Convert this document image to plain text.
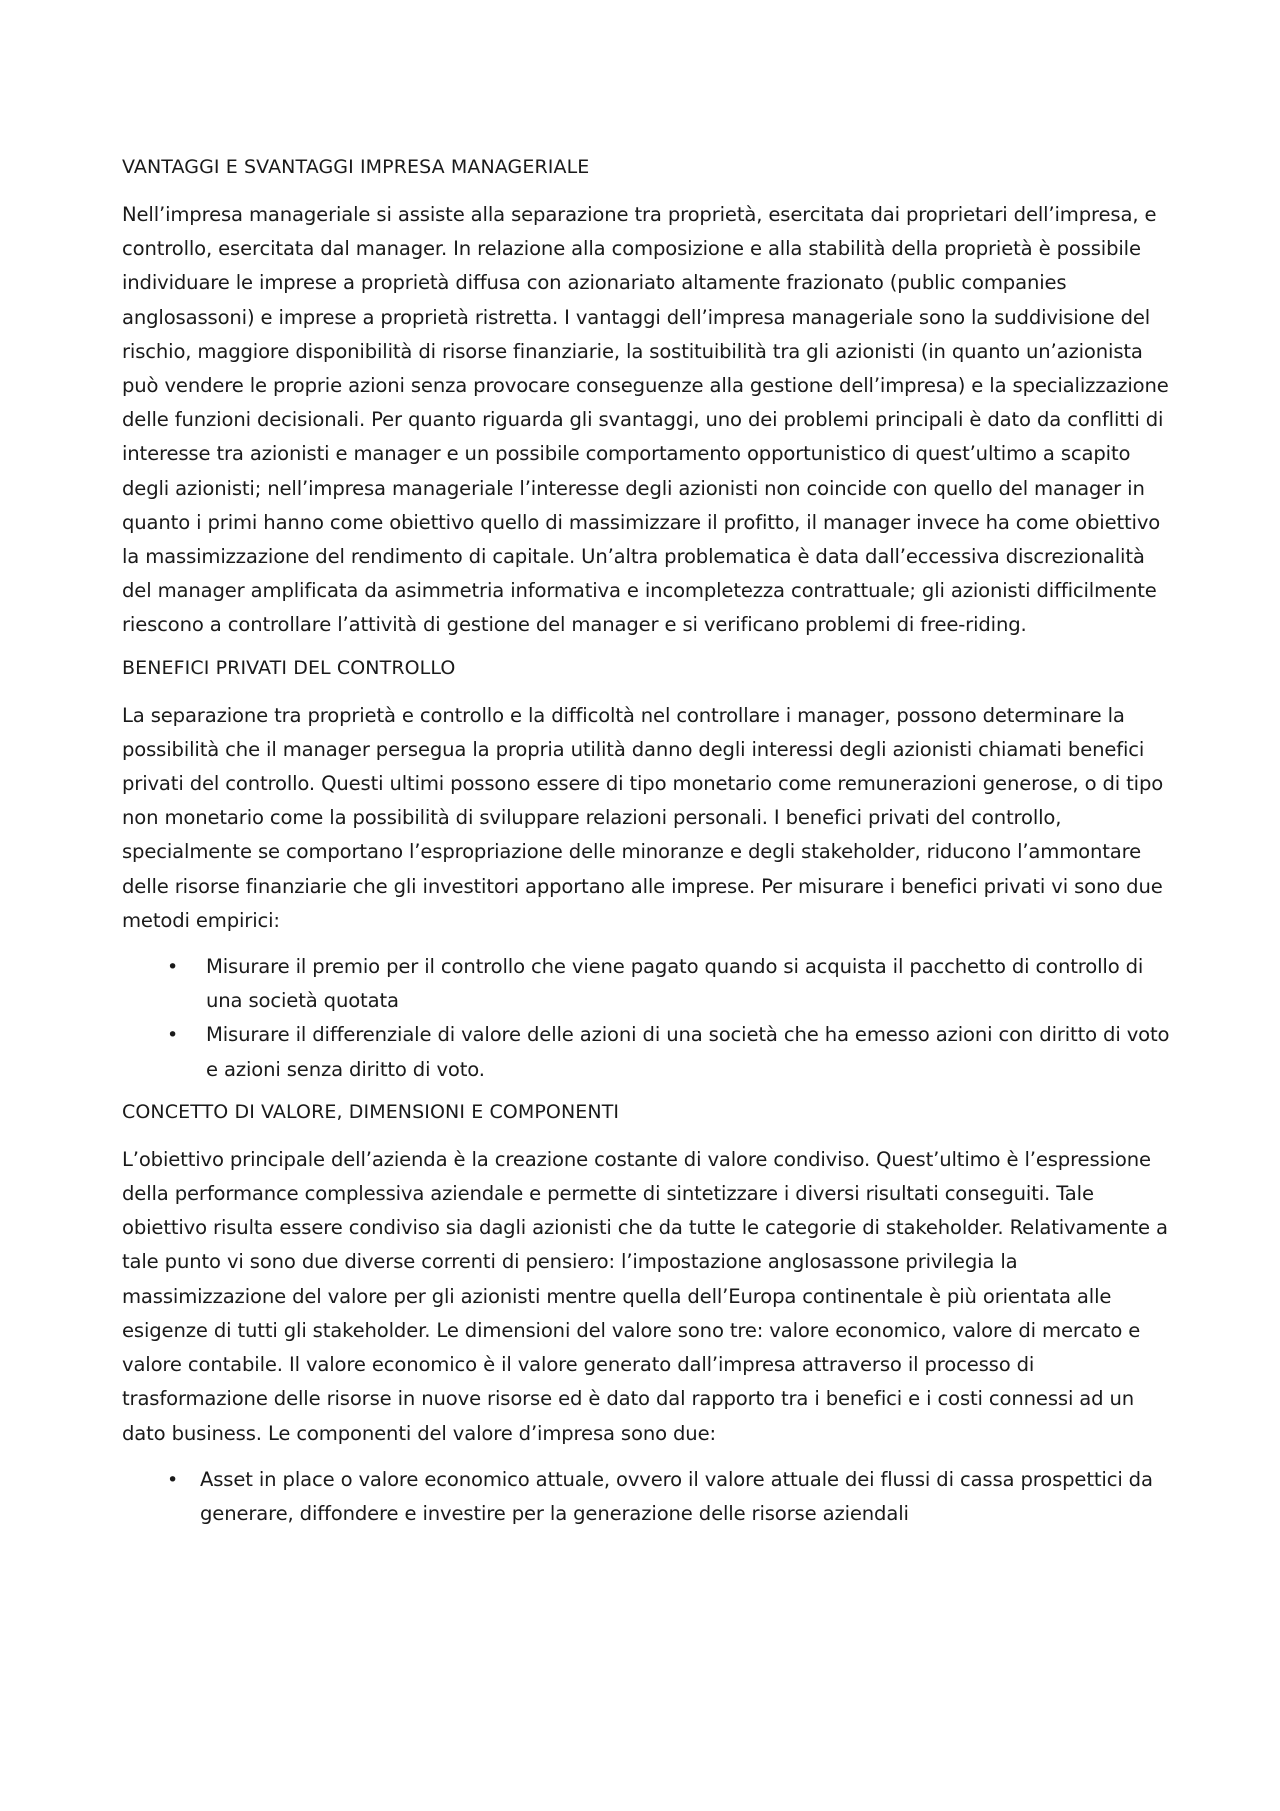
VANTAGGI E SVANTAGGI IMPRESA MANAGERIALE

Nell’impresa manageriale si assiste alla separazione tra proprietà, esercitata dai proprietari dell’impresa, e controllo, esercitata dal manager. In relazione alla composizione e alla stabilità della proprietà è possibile individuare le imprese a proprietà diffusa con azionariato altamente frazionato (public companies anglosassoni) e imprese a proprietà ristretta. I vantaggi dell’impresa manageriale sono la suddivisione del rischio, maggiore disponibilità di risorse finanziarie, la sostituibilità tra gli azionisti (in quanto un’azionista può vendere le proprie azioni senza provocare conseguenze alla gestione dell’impresa) e la specializzazione delle funzioni decisionali. Per quanto riguarda gli svantaggi, uno dei problemi principali è dato da conflitti di interesse tra azionisti e manager e un possibile comportamento opportunistico di quest’ultimo a scapito degli azionisti; nell’impresa manageriale l’interesse degli azionisti non coincide con quello del manager in quanto i primi hanno come obiettivo quello di massimizzare il profitto, il manager invece ha come obiettivo la massimizzazione del rendimento di capitale. Un’altra problematica è data dall’eccessiva discrezionalità del manager amplificata da asimmetria informativa e incompletezza contrattuale; gli azionisti difficilmente riescono a controllare l’attività di gestione del manager e si verificano problemi di free-riding.

BENEFICI PRIVATI DEL CONTROLLO

La separazione tra proprietà e controllo e la difficoltà nel controllare i manager, possono determinare la possibilità che il manager persegua la propria utilità danno degli interessi degli azionisti chiamati benefici privati del controllo. Questi ultimi possono essere di tipo monetario come remunerazioni generose, o di tipo non monetario come la possibilità di sviluppare relazioni personali. I benefici privati del controllo, specialmente se comportano l’espropriazione delle minoranze e degli stakeholder, riducono l’ammontare delle risorse finanziarie che gli investitori apportano alle imprese. Per misurare i benefici privati vi sono due metodi empirici:

• Misurare il premio per il controllo che viene pagato quando si acquista il pacchetto di controllo di una società quotata
• Misurare il differenziale di valore delle azioni di una società che ha emesso azioni con diritto di voto e azioni senza diritto di voto.
CONCETTO DI VALORE, DIMENSIONI E COMPONENTI

L’obiettivo principale dell’azienda è la creazione costante di valore condiviso. Quest’ultimo è l’espressione della performance complessiva aziendale e permette di sintetizzare i diversi risultati conseguiti. Tale obiettivo risulta essere condiviso sia dagli azionisti che da tutte le categorie di stakeholder. Relativamente a tale punto vi sono due diverse correnti di pensiero: l’impostazione anglosassone privilegia la massimizzazione del valore per gli azionisti mentre quella dell’Europa continentale è più orientata alle esigenze di tutti gli stakeholder. Le dimensioni del valore sono tre: valore economico, valore di mercato e valore contabile. Il valore economico è il valore generato dall’impresa attraverso il processo di trasformazione delle risorse in nuove risorse ed è dato dal rapporto tra i benefici e i costi connessi ad un dato business. Le componenti del valore d’impresa sono due:

• Asset in place o valore economico attuale, ovvero il valore attuale dei flussi di cassa prospettici da generare, diffondere e investire per la generazione delle risorse aziendali
